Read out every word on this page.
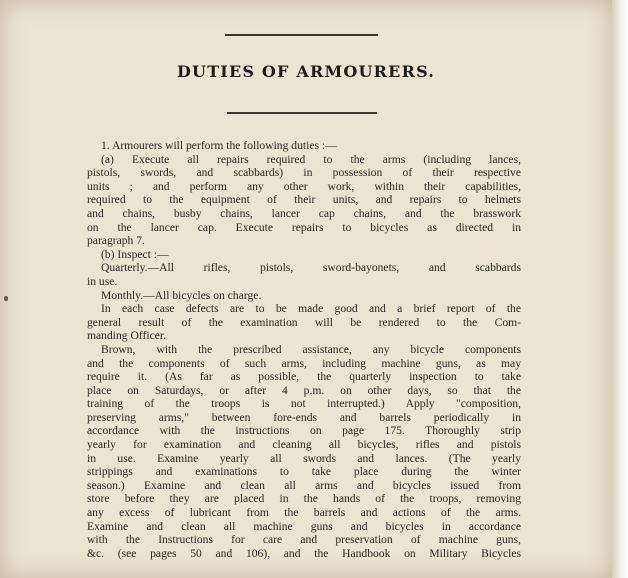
DUTIES OF ARMOURERS.
1. Armourers will perform the following duties :—
(a) Execute all repairs required to the arms (including lances,
pistols, swords, and scabbards) in possession of their respective
units ; and perform any other work, within their capabilities,
required to the equipment of their units, and repairs to helmets
and chains, busby chains, lancer cap chains, and the brasswork
on the lancer cap. Execute repairs to bicycles as directed in
paragraph 7.
(b) Inspect :—
Quarterly.—All rifles, pistols, sword-bayonets, and scabbards
in use.
Monthly.—All bicycles on charge.
In each case defects are to be made good and a brief report of the
general result of the examination will be rendered to the Com-
manding Officer.
Brown, with the prescribed assistance, any bicycle components
and the components of such arms, including machine guns, as may
require it. (As far as possible, the quarterly inspection to take
place on Saturdays, or after 4 p.m. on other days, so that the
training of the troops is not interrupted.) Apply "composition,
preserving arms," between fore-ends and barrels periodically in
accordance with the instructions on page 175. Thoroughly strip
yearly for examination and cleaning all bicycles, rifles and pistols
in use. Examine yearly all swords and lances. (The yearly
strippings and examinations to take place during the winter
season.) Examine and clean all arms and bicycles issued from
store before they are placed in the hands of the troops, removing
any excess of lubricant from the barrels and actions of the arms.
Examine and clean all machine guns and bicycles in accordance
with the Instructions for care and preservation of machine guns,
&c. (see pages 50 and 106), and the Handbook on Military Bicycles
